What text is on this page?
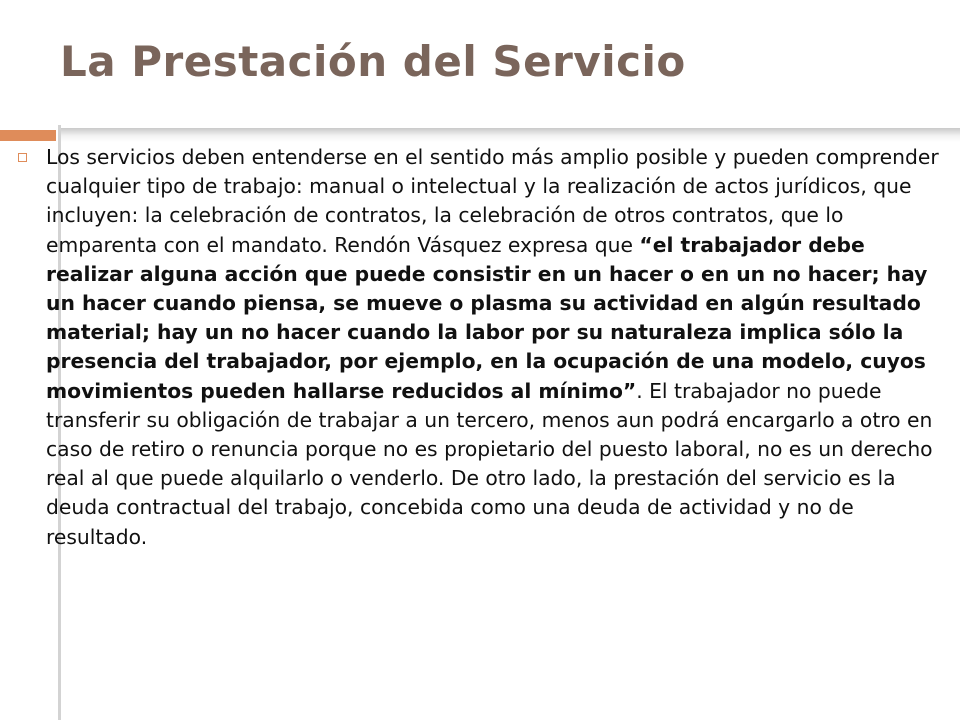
La Prestación del Servicio

Los servicios deben entenderse en el sentido más amplio posible y pueden comprender cualquier tipo de trabajo: manual o intelectual y la realización de actos jurídicos, que incluyen: la celebración de contratos, la celebración de otros contratos, que lo emparenta con el mandato. Rendón Vásquez expresa que “el trabajador debe realizar alguna acción que puede consistir en un hacer o en un no hacer; hay un hacer cuando piensa, se mueve o plasma su actividad en algún resultado material; hay un no hacer cuando la labor por su naturaleza implica sólo la presencia del trabajador, por ejemplo, en la ocupación de una modelo, cuyos movimientos pueden hallarse reducidos al mínimo”. El trabajador no puede transferir su obligación de trabajar a un tercero, menos aun podrá encargarlo a otro en caso de retiro o renuncia porque no es propietario del puesto laboral, no es un derecho real al que puede alquilarlo o venderlo. De otro lado, la prestación del servicio es la deuda contractual del trabajo, concebida como una deuda de actividad y no de resultado.
